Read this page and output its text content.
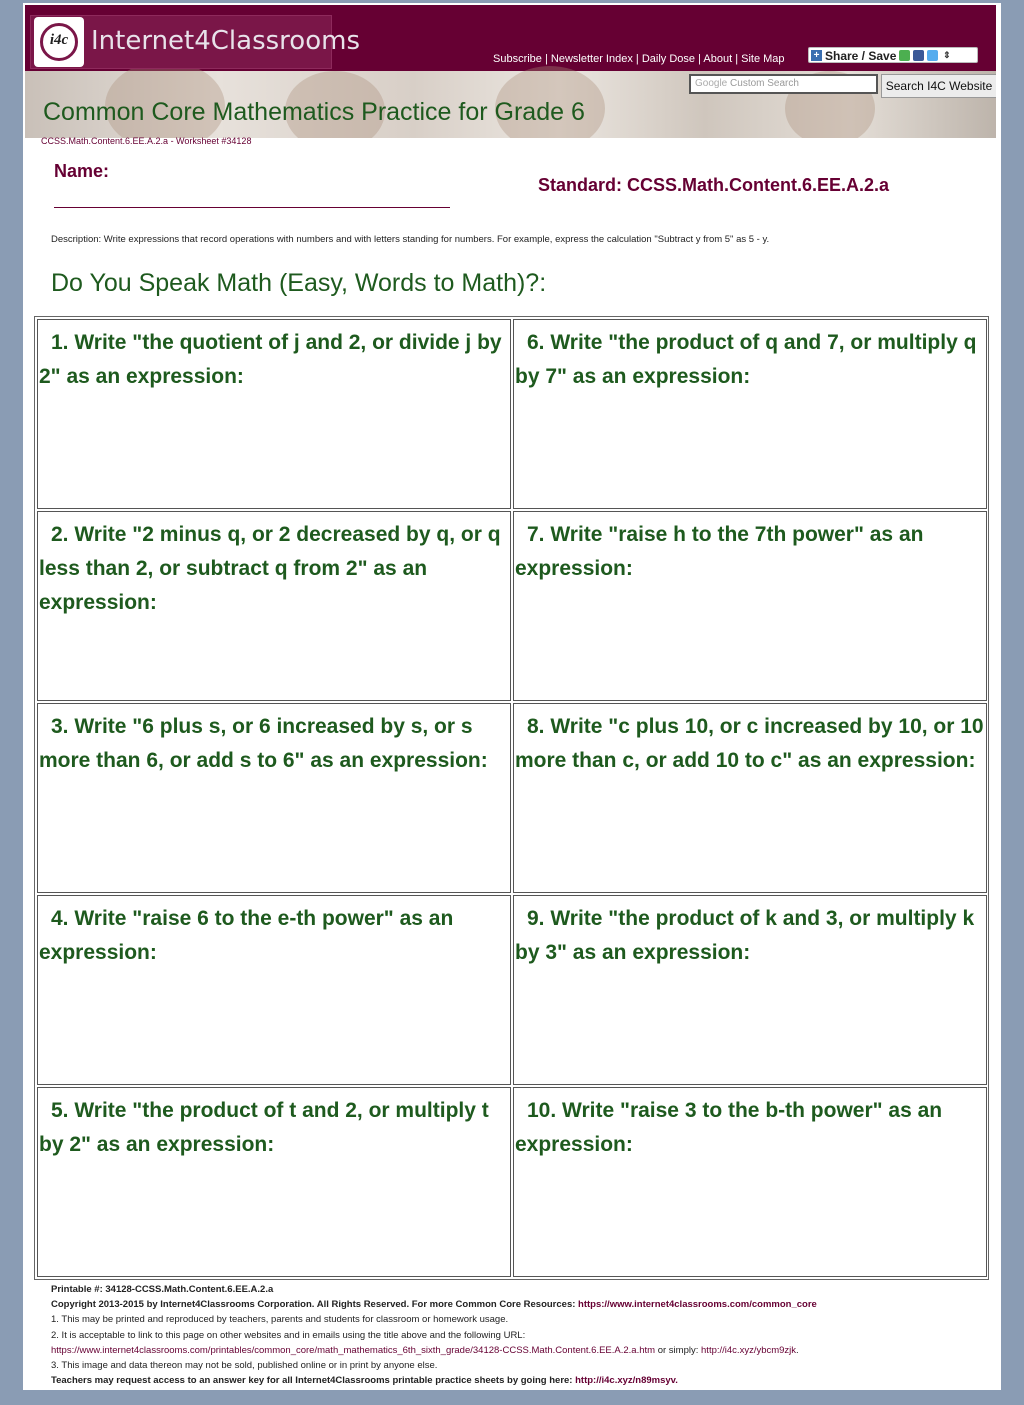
i4c Internet4Classrooms
Subscribe | Newsletter Index | Daily Dose | About | Site Map	+ Share / Save	⇕
Google Custom Search	Search I4C Website
Common Core Mathematics Practice for Grade 6
CCSS.Math.Content.6.EE.A.2.a - Worksheet #34128
Name:
Standard: CCSS.Math.Content.6.EE.A.2.a
Description: Write expressions that record operations with numbers and with letters standing for numbers. For example, express the calculation "Subtract y from 5" as 5 - y.
Do You Speak Math (Easy, Words to Math)?:
1. Write "the quotient of j and 2, or divide j by 2" as an expression:
2. Write "2 minus q, or 2 decreased by q, or q less than 2, or subtract q from 2" as an expression:
3. Write "6 plus s, or 6 increased by s, or s more than 6, or add s to 6" as an expression:
4. Write "raise 6 to the e-th power" as an expression:
5. Write "the product of t and 2, or multiply t by 2" as an expression:
6. Write "the product of q and 7, or multiply q by 7" as an expression:
7. Write "raise h to the 7th power" as an expression:
8. Write "c plus 10, or c increased by 10, or 10 more than c, or add 10 to c" as an expression:
9. Write "the product of k and 3, or multiply k by 3" as an expression:
10. Write "raise 3 to the b-th power" as an expression:
Printable #: 34128-CCSS.Math.Content.6.EE.A.2.a
Copyright 2013-2015 by Internet4Classrooms Corporation. All Rights Reserved. For more Common Core Resources: https://www.internet4classrooms.com/common_core
1. This may be printed and reproduced by teachers, parents and students for classroom or homework usage.
2. It is acceptable to link to this page on other websites and in emails using the title above and the following URL:
https://www.internet4classrooms.com/printables/common_core/math_mathematics_6th_sixth_grade/34128-CCSS.Math.Content.6.EE.A.2.a.htm or simply: http://i4c.xyz/ybcm9zjk.
3. This image and data thereon may not be sold, published online or in print by anyone else.
Teachers may request access to an answer key for all Internet4Classrooms printable practice sheets by going here: http://i4c.xyz/n89msyv.
